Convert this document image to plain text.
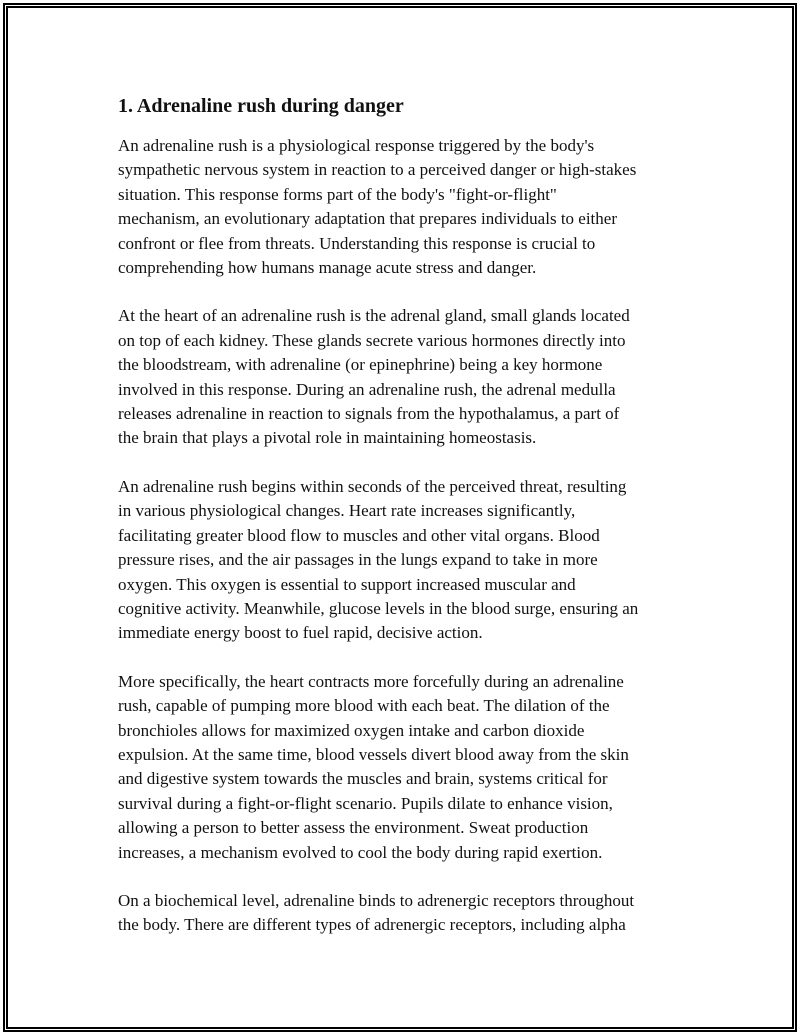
1. Adrenaline rush during danger

An adrenaline rush is a physiological response triggered by the body's
sympathetic nervous system in reaction to a perceived danger or high-stakes
situation. This response forms part of the body's "fight-or-flight"
mechanism, an evolutionary adaptation that prepares individuals to either
confront or flee from threats. Understanding this response is crucial to
comprehending how humans manage acute stress and danger.

At the heart of an adrenaline rush is the adrenal gland, small glands located
on top of each kidney. These glands secrete various hormones directly into
the bloodstream, with adrenaline (or epinephrine) being a key hormone
involved in this response. During an adrenaline rush, the adrenal medulla
releases adrenaline in reaction to signals from the hypothalamus, a part of
the brain that plays a pivotal role in maintaining homeostasis.

An adrenaline rush begins within seconds of the perceived threat, resulting
in various physiological changes. Heart rate increases significantly,
facilitating greater blood flow to muscles and other vital organs. Blood
pressure rises, and the air passages in the lungs expand to take in more
oxygen. This oxygen is essential to support increased muscular and
cognitive activity. Meanwhile, glucose levels in the blood surge, ensuring an
immediate energy boost to fuel rapid, decisive action.

More specifically, the heart contracts more forcefully during an adrenaline
rush, capable of pumping more blood with each beat. The dilation of the
bronchioles allows for maximized oxygen intake and carbon dioxide
expulsion. At the same time, blood vessels divert blood away from the skin
and digestive system towards the muscles and brain, systems critical for
survival during a fight-or-flight scenario. Pupils dilate to enhance vision,
allowing a person to better assess the environment. Sweat production
increases, a mechanism evolved to cool the body during rapid exertion.

On a biochemical level, adrenaline binds to adrenergic receptors throughout
the body. There are different types of adrenergic receptors, including alpha
